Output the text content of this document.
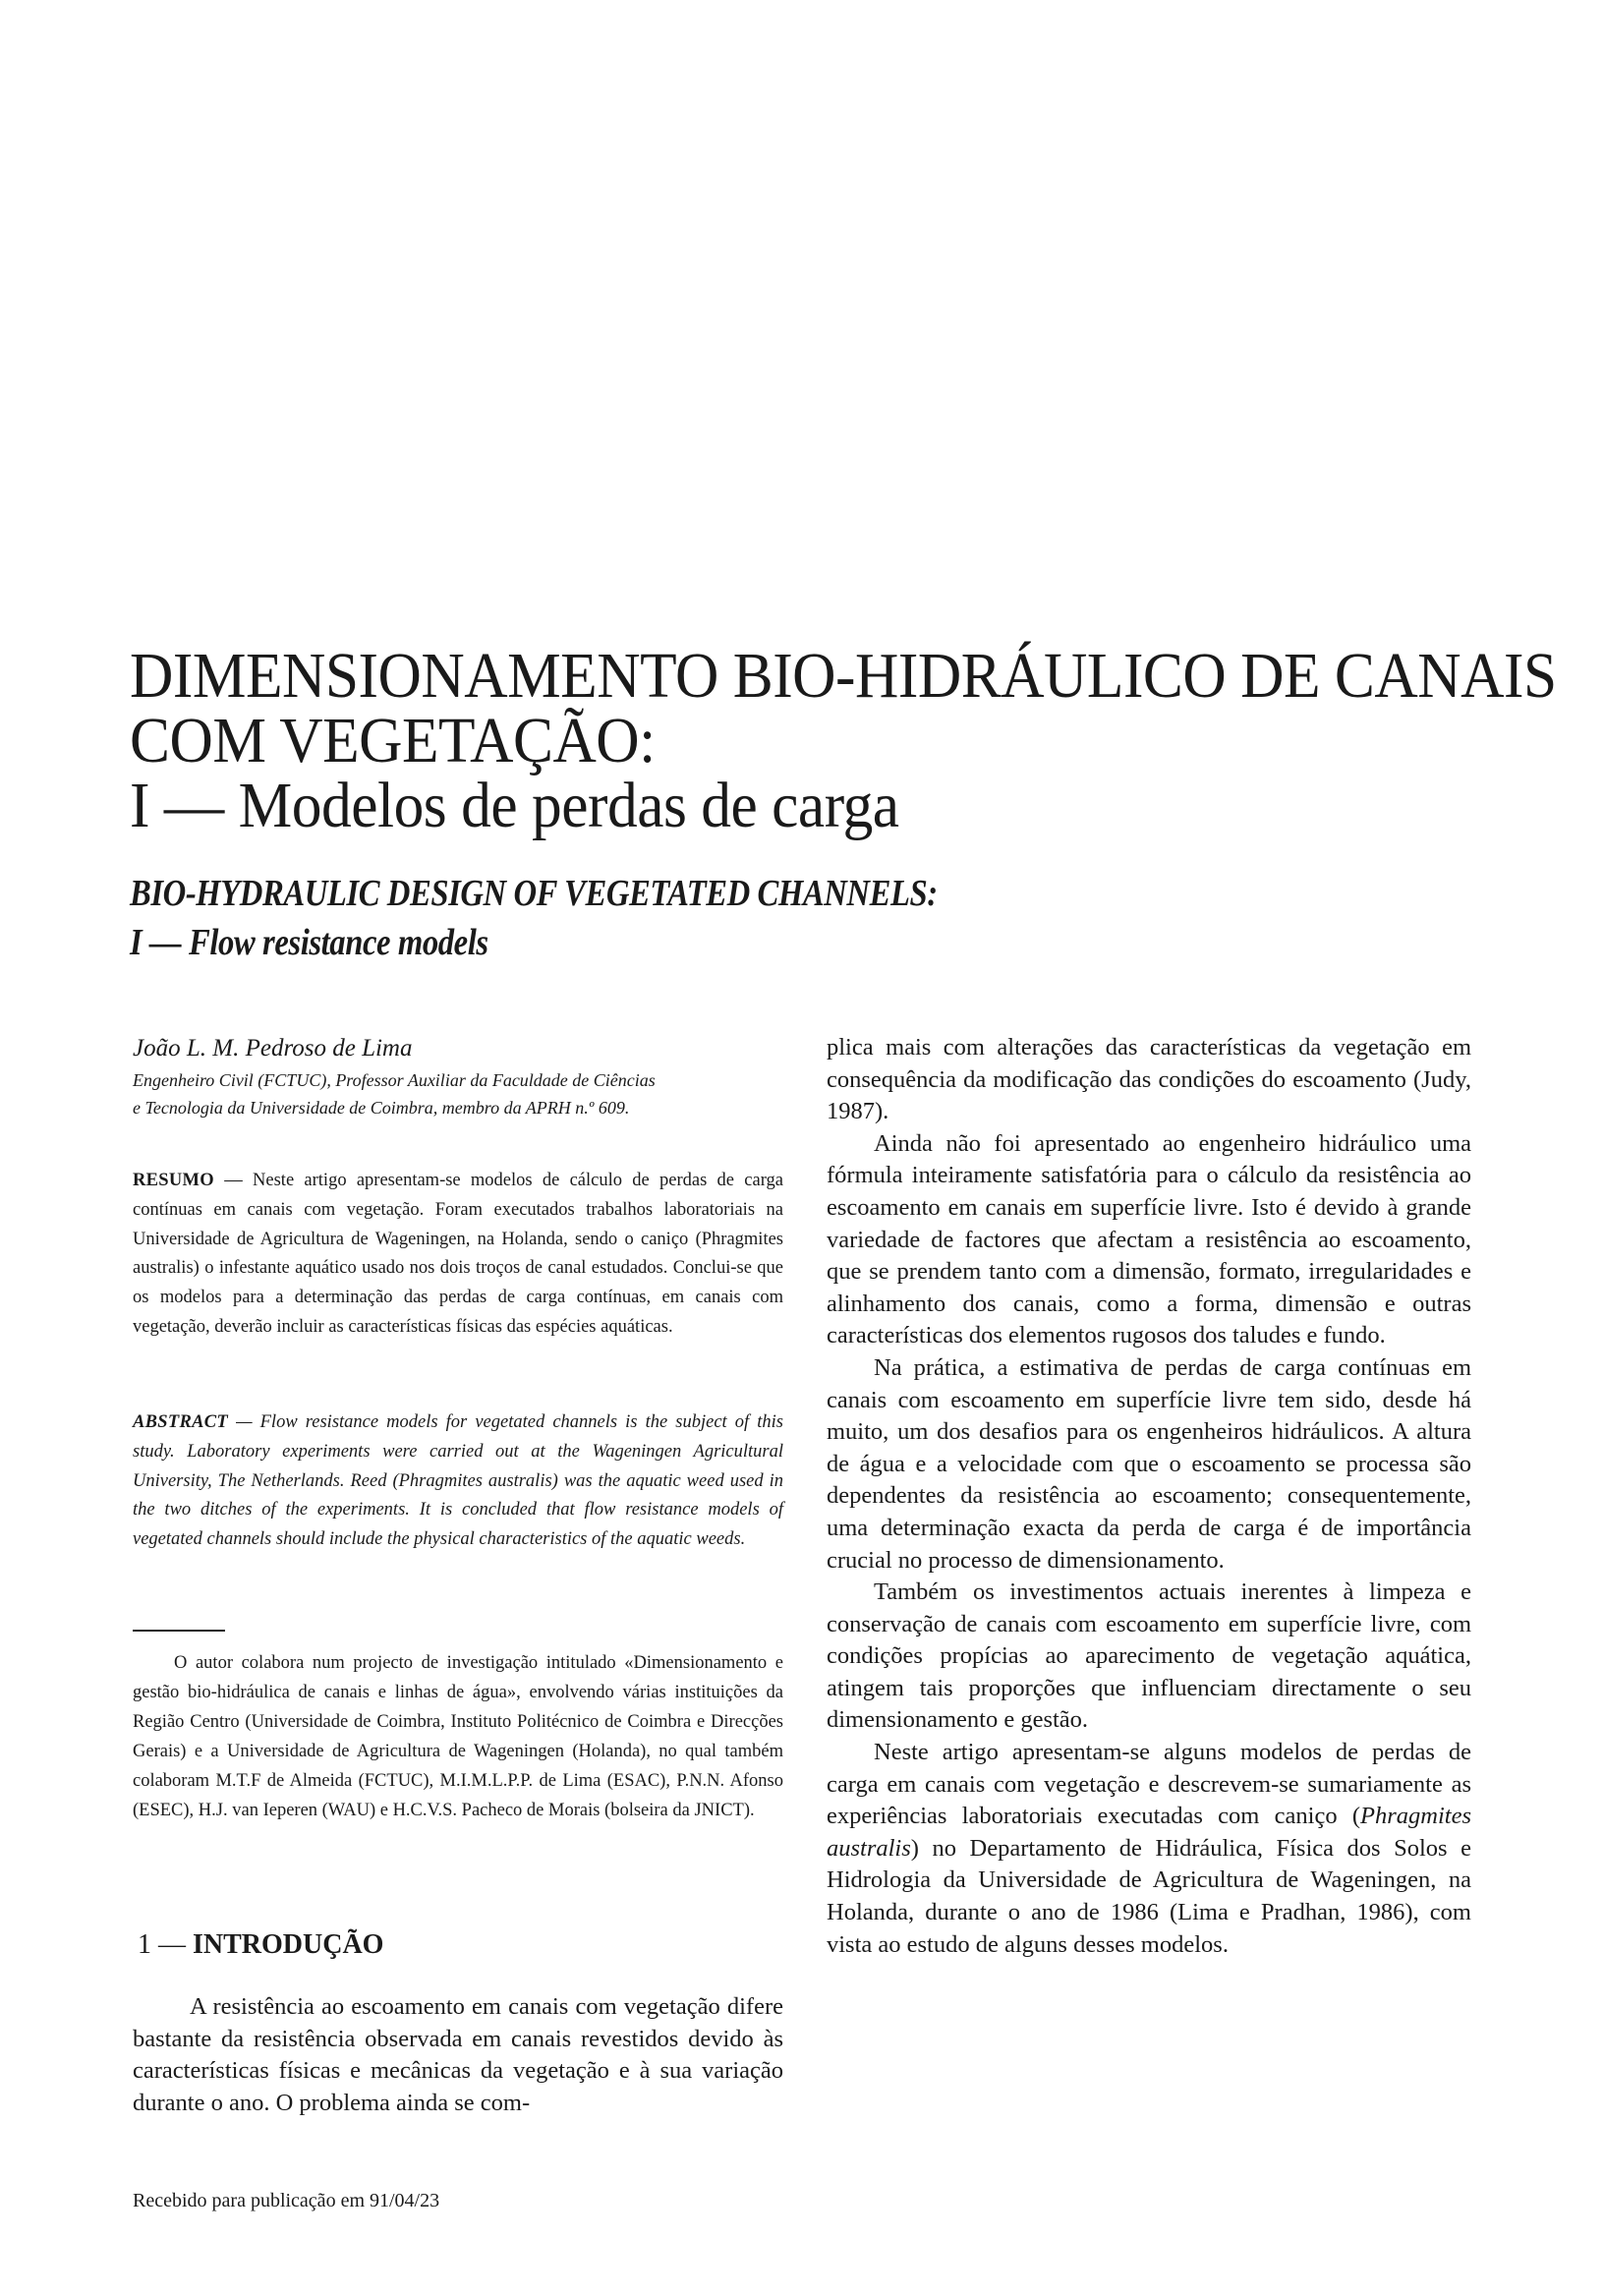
DIMENSIONAMENTO BIO-HIDRÁULICO DE CANAIS
COM VEGETAÇÃO:
I — Modelos de perdas de carga
BIO-HYDRAULIC DESIGN OF VEGETATED CHANNELS:
I — Flow resistance models
João L. M. Pedroso de Lima
Engenheiro Civil (FCTUC), Professor Auxiliar da Faculdade de Ciências
e Tecnologia da Universidade de Coimbra, membro da APRH n.º 609.
RESUMO — Neste artigo apresentam-se modelos de cálculo de perdas de carga contínuas em canais com vegetação. Foram executados trabalhos laboratoriais na Universidade de Agricultura de Wageningen, na Holanda, sendo o caniço (Phragmites australis) o infestante aquático usado nos dois troços de canal estudados. Conclui-se que os modelos para a determinação das perdas de carga contínuas, em canais com vegetação, deverão incluir as características físicas das espécies aquáticas.
ABSTRACT — Flow resistance models for vegetated channels is the subject of this study. Laboratory experiments were carried out at the Wageningen Agricultural University, The Netherlands. Reed (Phragmites australis) was the aquatic weed used in the two ditches of the experiments. It is concluded that flow resistance models of vegetated channels should include the physical characteristics of the aquatic weeds.
O autor colabora num projecto de investigação intitulado «Dimensionamento e gestão bio-hidráulica de canais e linhas de água», envolvendo várias instituições da Região Centro (Universidade de Coimbra, Instituto Politécnico de Coimbra e Direcções Gerais) e a Universidade de Agricultura de Wageningen (Holanda), no qual também colaboram M.T.F de Almeida (FCTUC), M.I.M.L.P.P. de Lima (ESAC), P.N.N. Afonso (ESEC), H.J. van Ieperen (WAU) e H.C.V.S. Pacheco de Morais (bolseira da JNICT).
1 — INTRODUÇÃO
A resistência ao escoamento em canais com vegetação difere bastante da resistência observada em canais revestidos devido às características físicas e mecânicas da vegetação e à sua variação durante o ano. O problema ainda se com-
Recebido para publicação em 91/04/23

plica mais com alterações das características da vegetação em consequência da modificação das condições do escoamento (Judy, 1987).

Ainda não foi apresentado ao engenheiro hidráulico uma fórmula inteiramente satisfatória para o cálculo da resistência ao escoamento em canais em superfície livre. Isto é devido à grande variedade de factores que afectam a resistência ao escoamento, que se prendem tanto com a dimensão, formato, irregularidades e alinhamento dos canais, como a forma, dimensão e outras características dos elementos rugosos dos taludes e fundo.

Na prática, a estimativa de perdas de carga contínuas em canais com escoamento em superfície livre tem sido, desde há muito, um dos desafios para os engenheiros hidráulicos. A altura de água e a velocidade com que o escoamento se processa são dependentes da resistência ao escoamento; consequentemente, uma determinação exacta da perda de carga é de importância crucial no processo de dimensionamento.

Também os investimentos actuais inerentes à limpeza e conservação de canais com escoamento em superfície livre, com condições propícias ao aparecimento de vegetação aquática, atingem tais proporções que influenciam directamente o seu dimensionamento e gestão.

Neste artigo apresentam-se alguns modelos de perdas de carga em canais com vegetação e descrevem-se sumariamente as experiências laboratoriais executadas com caniço (Phragmites australis) no Departamento de Hidráulica, Física dos Solos e Hidrologia da Universidade de Agricultura de Wageningen, na Holanda, durante o ano de 1986 (Lima e Pradhan, 1986), com vista ao estudo de alguns desses modelos.
